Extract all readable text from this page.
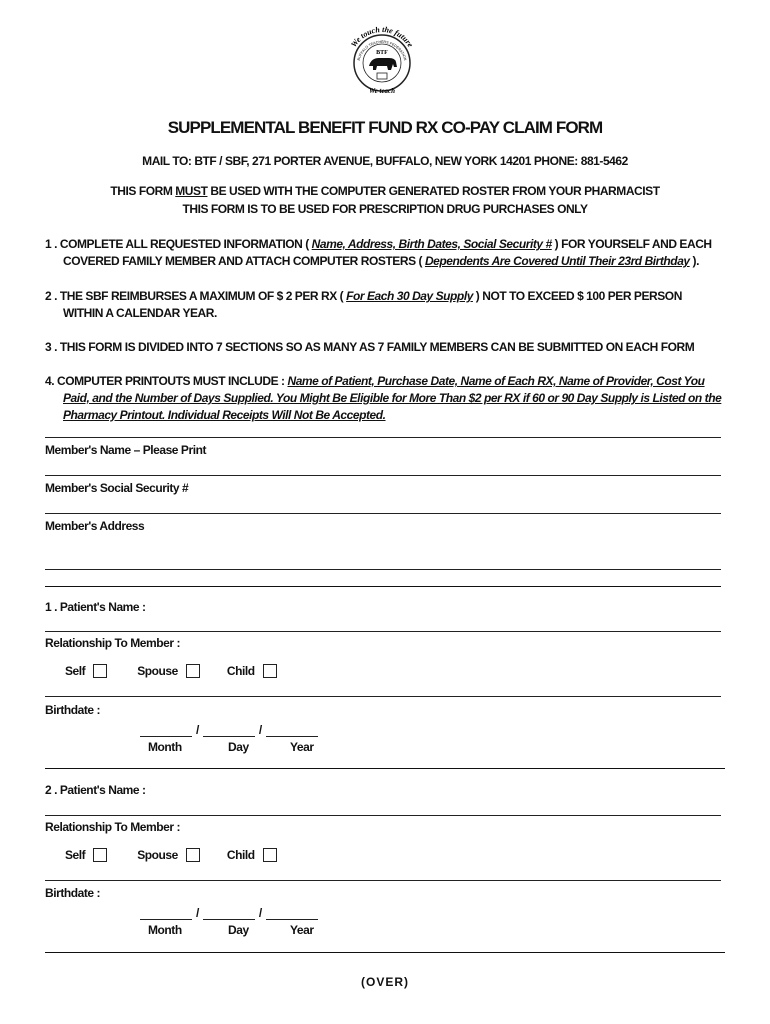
We touch the future
BUFFALO TEACHERS FEDERATION
BTF
We teach
SUPPLEMENTAL BENEFIT FUND RX CO-PAY CLAIM FORM
MAIL TO: BTF / SBF, 271 PORTER AVENUE, BUFFALO, NEW YORK 14201 PHONE: 881-5462
THIS FORM MUST BE USED WITH THE COMPUTER GENERATED ROSTER FROM YOUR PHARMACIST
THIS FORM IS TO BE USED FOR PRESCRIPTION DRUG PURCHASES ONLY
1 . COMPLETE ALL REQUESTED INFORMATION ( Name, Address, Birth Dates, Social Security # ) FOR YOURSELF AND EACH
COVERED FAMILY MEMBER AND ATTACH COMPUTER ROSTERS ( Dependents Are Covered Until Their 23rd Birthday ).
2 . THE SBF REIMBURSES A MAXIMUM OF $ 2 PER RX ( For Each 30 Day Supply ) NOT TO EXCEED $ 100 PER PERSON
WITHIN A CALENDAR YEAR.
3 . THIS FORM IS DIVIDED INTO 7 SECTIONS SO AS MANY AS 7 FAMILY MEMBERS CAN BE SUBMITTED ON EACH FORM
4. COMPUTER PRINTOUTS MUST INCLUDE : Name of Patient, Purchase Date, Name of Each RX, Name of Provider, Cost You
Paid, and the Number of Days Supplied. You Might Be Eligible for More Than $2 per RX if 60 or 90 Day Supply is Listed on the
Pharmacy Printout. Individual Receipts Will Not Be Accepted.
Member's Name – Please Print
Member's Social Security #
Member's Address
1 . Patient's Name :
Relationship To Member :
Self	Spouse	Child
Birthdate :
/	/
Month	Day	Year
2 . Patient's Name :
Relationship To Member :
Self	Spouse	Child
Birthdate :
/	/
Month	Day	Year
(OVER)
